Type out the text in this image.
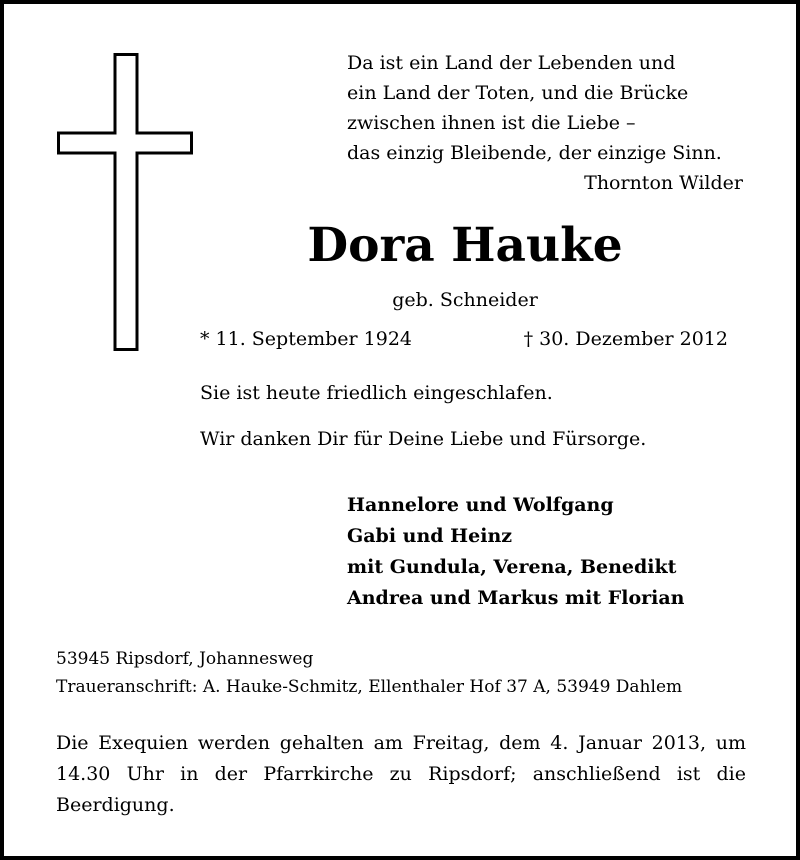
Da ist ein Land der Lebenden und
ein Land der Toten, und die Brücke
zwischen ihnen ist die Liebe –
das einzig Bleibende, der einzige Sinn.
Thornton Wilder
Dora Hauke
geb. Schneider
* 11. September 1924	† 30. Dezember 2012
Sie ist heute friedlich eingeschlafen.
Wir danken Dir für Deine Liebe und Fürsorge.
Hannelore und Wolfgang
Gabi und Heinz
mit Gundula, Verena, Benedikt
Andrea und Markus mit Florian
53945 Ripsdorf, Johannesweg
Traueranschrift: A. Hauke-Schmitz, Ellenthaler Hof 37 A, 53949 Dahlem
Die Exequien werden gehalten am Freitag, dem 4. Januar 2013, um 14.30 Uhr in der Pfarrkirche zu Ripsdorf; anschließend ist die Beerdigung.
